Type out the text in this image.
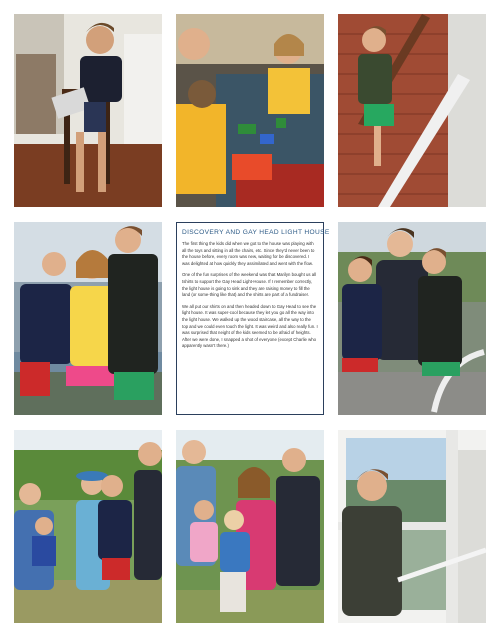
DISCOVERY AND GAY HEAD LIGHT HOUSE

The first thing the kids did when we got to the house was playing with all the toys and sitting in all the chairs, etc. Since they'd never been to the house before, every room was new, waiting for be discovered. I was delighted at how quickly they assimilated and went with the flow.

One of the fun surprises of the weekend was that Marilyn bought us all tshirts to support the Gay Head Light-House. If I remember correctly, the light house is going to sink and they are raising money to fill the land (or some-thing like that) and the shirts are part of a fundraiser.

We all put our shirts on and then headed down to Gay Head to see the light house. It was super-cool because they let you go all the way into the light house. We walked up the wood staircase, all the way to the top and we could even touch the light. It was weird and also really fun. I was surprised that neight of the kids seemed to be afraid of heights. After we were done, I snapped a shot of everyone (except Charlie who apparently wasn't there.)
